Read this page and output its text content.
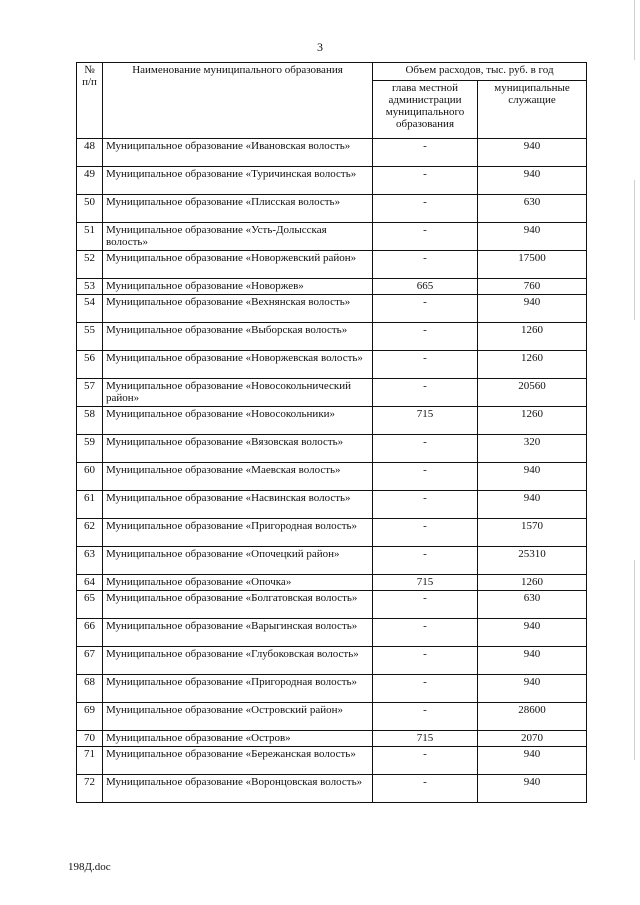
3
№ п/п	Наименование муниципального образования	Объем расходов, тыс. руб. в год	
		глава местной администрации муниципального образования	муниципальные служащие
48	Муниципальное образование «Ивановская волость»	-	940
49	Муниципальное образование «Туричинская волость»	-	940
50	Муниципальное образование «Плисская волость»	-	630
51	Муниципальное образование «Усть-Долысская волость»	-	940
52	Муниципальное образование «Новоржевский район»	-	17500
53	Муниципальное образование «Новоржев»	665	760
54	Муниципальное образование «Вехнянская волость»	-	940
55	Муниципальное образование «Выборская волость»	-	1260
56	Муниципальное образование «Новоржевская волость»	-	1260
57	Муниципальное образование «Новосокольнический район»	-	20560
58	Муниципальное образование «Новосокольники»	715	1260
59	Муниципальное образование «Вязовская волость»	-	320
60	Муниципальное образование «Маевская волость»	-	940
61	Муниципальное образование «Насвинская волость»	-	940
62	Муниципальное образование «Пригородная волость»	-	1570
63	Муниципальное образование «Опочецкий район»	-	25310
64	Муниципальное образование «Опочка»	715	1260
65	Муниципальное образование «Болгатовская волость»	-	630
66	Муниципальное образование «Варыгинская волость»	-	940
67	Муниципальное образование «Глубоковская волость»	-	940
68	Муниципальное образование «Пригородная волость»	-	940
69	Муниципальное образование «Островский район»	-	28600
70	Муниципальное образование «Остров»	715	2070
71	Муниципальное образование «Бережанская волость»	-	940
72	Муниципальное образование «Воронцовская волость»	-	940
198Д.doc
